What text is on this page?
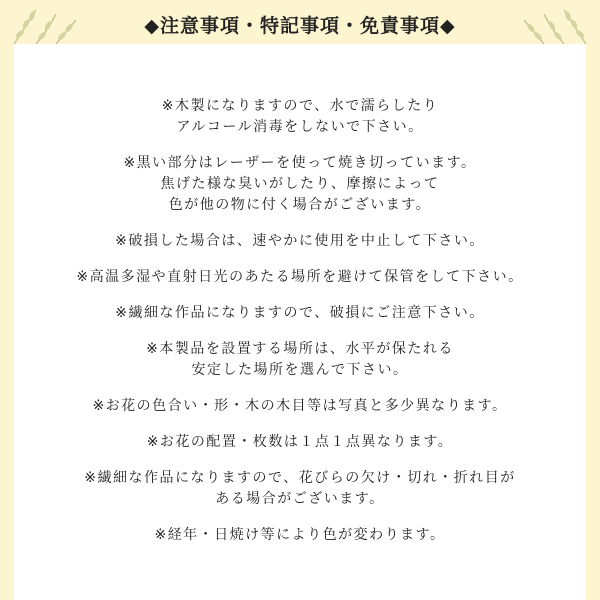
◆注意事項・特記事項・免責事項◆

※木製になりますので、水で濡らしたり
アルコール消毒をしないで下さい。

※黒い部分はレーザーを使って焼き切っています。
焦げた様な臭いがしたり、摩擦によって
色が他の物に付く場合がございます。

※破損した場合は、速やかに使用を中止して下さい。

※高温多湿や直射日光のあたる場所を避けて保管をして下さい。

※繊細な作品になりますので、破損にご注意下さい。

※本製品を設置する場所は、水平が保たれる
安定した場所を選んで下さい。

※お花の色合い・形・木の木目等は写真と多少異なります。

※お花の配置・枚数は１点１点異なります。

※繊細な作品になりますので、花びらの欠け・切れ・折れ目が
ある場合がございます。

※経年・日焼け等により色が変わります。
